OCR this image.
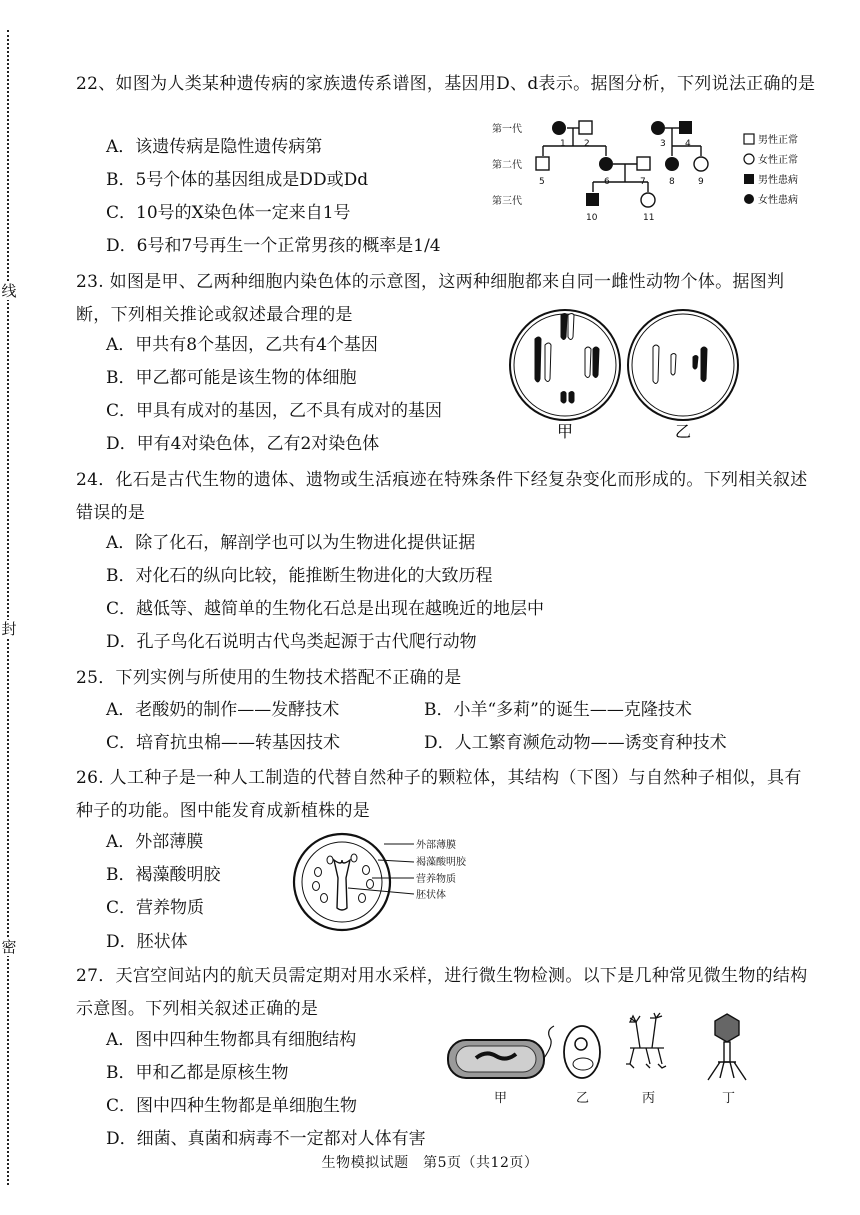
线
封
密
22、如图为人类某种遗传病的家族遗传系谱图，基因用D、d表示。据图分析，下列说法正确的是
A．该遗传病是隐性遗传病第
B．5号个体的基因组成是DD或Dd
C．10号的X染色体一定来自1号
D．6号和7号再生一个正常男孩的概率是1/4
第一代
第二代
第三代
1 2	3 4
5	6	7	8	9
10	11
男性正常
女性正常
男性患病
女性患病
23. 如图是甲、乙两种细胞内染色体的示意图，这两种细胞都来自同一雌性动物个体。据图判断，下列相关推论或叙述最合理的是
A．甲共有8个基因，乙共有4个基因
B．甲乙都可能是该生物的体细胞
C．甲具有成对的基因，乙不具有成对的基因
D．甲有4对染色体，乙有2对染色体
甲	乙
24．化石是古代生物的遗体、遗物或生活痕迹在特殊条件下经复杂变化而形成的。下列相关叙述错误的是
A．除了化石，解剖学也可以为生物进化提供证据
B．对化石的纵向比较，能推断生物进化的大致历程
C．越低等、越简单的生物化石总是出现在越晚近的地层中
D．孔子鸟化石说明古代鸟类起源于古代爬行动物
25．下列实例与所使用的生物技术搭配不正确的是
A．老酸奶的制作——发酵技术	B．小羊“多莉”的诞生——克隆技术
C．培育抗虫棉——转基因技术	D．人工繁育濒危动物——诱变育种技术
26. 人工种子是一种人工制造的代替自然种子的颗粒体，其结构（下图）与自然种子相似，具有种子的功能。图中能发育成新植株的是
A．外部薄膜
B．褐藻酸明胶
C．营养物质
D．胚状体
外部薄膜
褐藻酸明胶
营养物质
胚状体
27．天宫空间站内的航天员需定期对用水采样，进行微生物检测。以下是几种常见微生物的结构示意图。下列相关叙述正确的是
A．图中四种生物都具有细胞结构
B．甲和乙都是原核生物
C．图中四种生物都是单细胞生物
D．细菌、真菌和病毒不一定都对人体有害
甲	乙	丙	丁
生物模拟试题　第5页（共12页）
